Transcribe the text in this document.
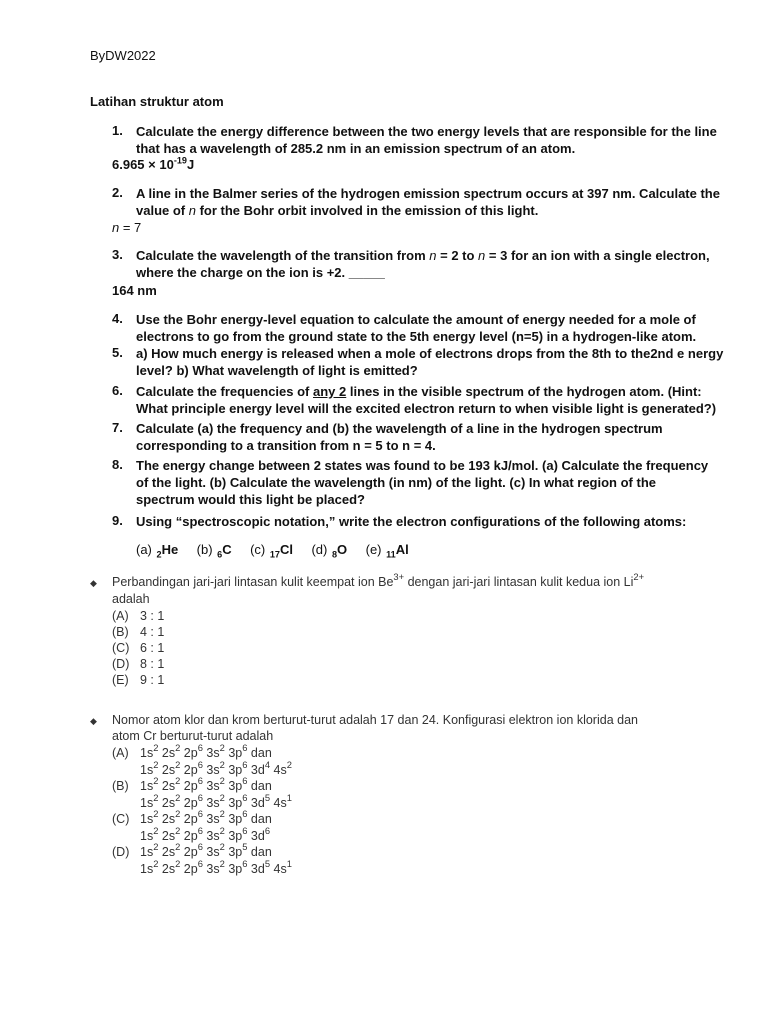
ByDW2022
Latihan struktur atom
1.	Calculate the energy difference between the two energy levels that are responsible for the line
that has a wavelength of 285.2 nm in an emission spectrum of an atom.
$6.965 \times 10^{-19}J$
2.	A line in the Balmer series of the hydrogen emission spectrum occurs at 397 nm. Calculate the
value of n for the Bohr orbit involved in the emission of this light.
n = 7
3.	Calculate the wavelength of the transition from n = 2 to n = 3 for an ion with a single electron,
where the charge on the ion is +2. _____
164 nm
4.	Use the Bohr energy-level equation to calculate the amount of energy needed for a mole of
electrons to go from the ground state to the 5th energy level (n=5) in a hydrogen-like atom.
5.	a) How much energy is released when a mole of electrons drops from the 8th to the2nd e nergy
level? b) What wavelength of light is emitted?
6.	Calculate the frequencies of any 2 lines in the visible spectrum of the hydrogen atom. (Hint:
What principle energy level will the excited electron return to when visible light is generated?)
7.	Calculate (a) the frequency and (b) the wavelength of a line in the hydrogen spectrum
corresponding to a transition from n = 5 to n = 4.
8.	The energy change between 2 states was found to be 193 kJ/mol. (a) Calculate the frequency
of the light. (b) Calculate the wavelength (in nm) of the light. (c) In what region of the
spectrum would this light be placed?
9.	Using “spectroscopic notation,” write the electron configurations of the following atoms:
(a) $_2$He (b) $_6$C (c) $_{17}$Cl (d) $_8$O (e) $_{11}$Al
◆ Perbandingan jari-jari lintasan kulit keempat ion $Be^{3+}$ dengan jari-jari lintasan kulit kedua ion $Li^{2+}$
adalah
(A) 3 : 1
(B) 4 : 1
(C) 6 : 1
(D) 8 : 1
(E) 9 : 1
◆ Nomor atom klor dan krom berturut-turut adalah 17 dan 24. Konfigurasi elektron ion klorida dan
atom Cr berturut-turut adalah
(A) $1s^2$ $2s^2$ $2p^6$ $3s^2$ $3p^6$ dan
$1s^2$ $2s^2$ $2p^6$ $3s^2$ $3p^6$ $3d^4$ $4s^2$
(B) $1s^2$ $2s^2$ $2p^6$ $3s^2$ $3p^6$ dan
$1s^2$ $2s^2$ $2p^6$ $3s^2$ $3p^6$ $3d^5$ $4s^1$
(C) $1s^2$ $2s^2$ $2p^6$ $3s^2$ $3p^6$ dan
$1s^2$ $2s^2$ $2p^6$ $3s^2$ $3p^6$ $3d^6$
(D) $1s^2$ $2s^2$ $2p^6$ $3s^2$ $3p^5$ dan
$1s^2$ $2s^2$ $2p^6$ $3s^2$ $3p^6$ $3d^5$ $4s^1$
